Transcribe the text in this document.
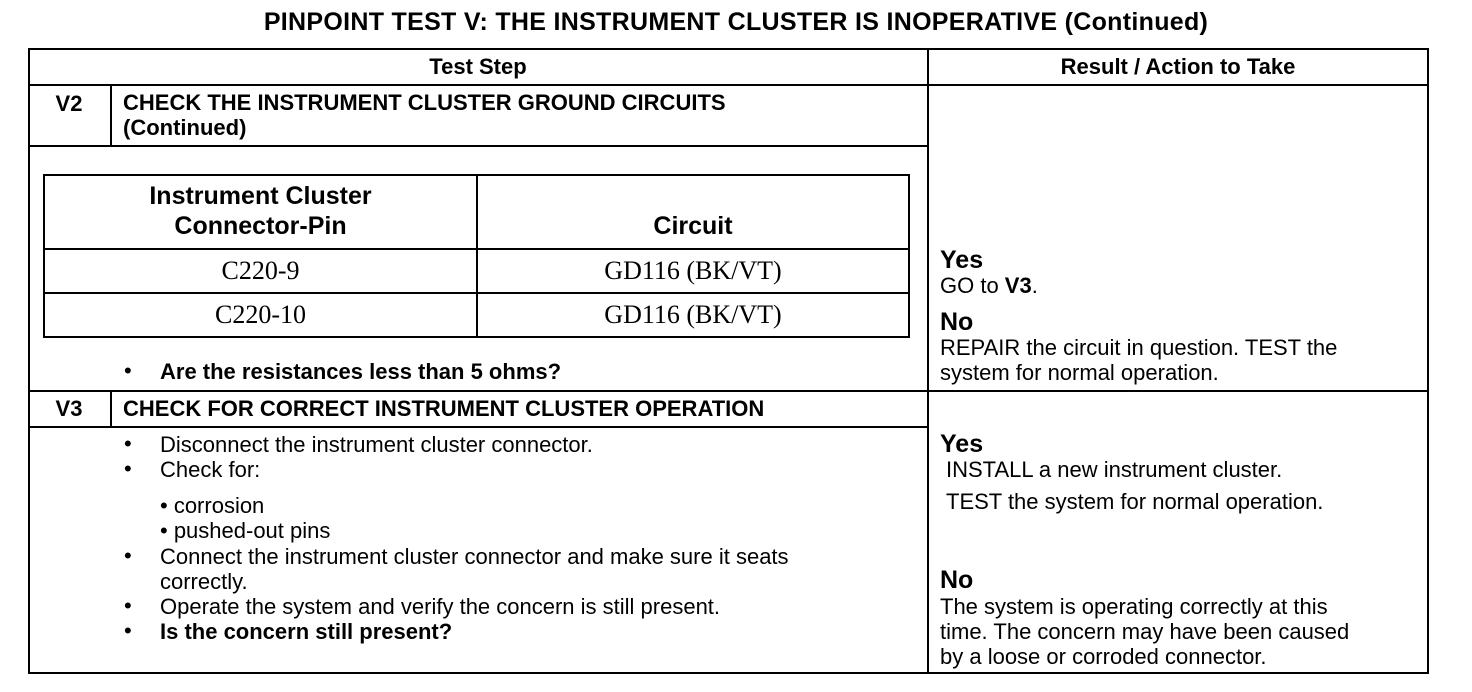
PINPOINT TEST V: THE INSTRUMENT CLUSTER IS INOPERATIVE (Continued)
Test Step	Result / Action to Take
V2	CHECK THE INSTRUMENT CLUSTER GROUND CIRCUITS
(Continued)
Instrument Cluster
Connector-Pin	Circuit
C220-9	GD116 (BK/VT)
C220-10	GD116 (BK/VT)
• Are the resistances less than 5 ohms?
Yes
GO to V3.
No
REPAIR the circuit in question. TEST the
system for normal operation.
V3	CHECK FOR CORRECT INSTRUMENT CLUSTER OPERATION
• Disconnect the instrument cluster connector.
• Check for:
• corrosion
• pushed-out pins
• Connect the instrument cluster connector and make sure it seats
correctly.
• Operate the system and verify the concern is still present.
• Is the concern still present?
Yes
INSTALL a new instrument cluster.
TEST the system for normal operation.
No
The system is operating correctly at this
time. The concern may have been caused
by a loose or corroded connector.
